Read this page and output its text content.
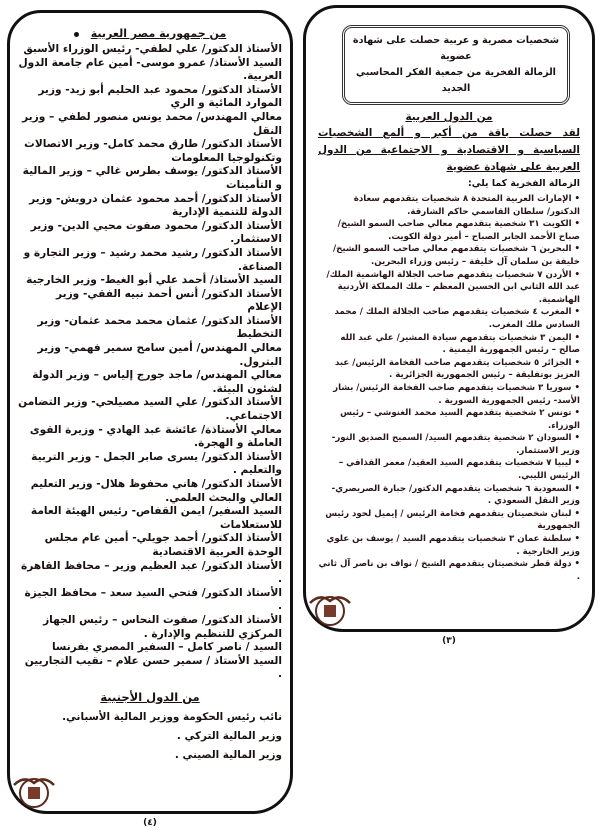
من جمهورية مصر العربية
الأستاذ الدكتور/ علي لطفي- رئيس الوزراء الأسبق
السيد الأستاذ/ عمرو موسى- أمين عام جامعة الدول العربية.
الأستاذ الدكتور/ محمود عبد الحليم أبو زيد- وزير الموارد المائية و الري
معالي المهندس/ محمد يونس منصور لطفي – وزير النقل
الأستاذ الدكتور/ طارق محمد كامل- وزير الاتصالات وتكنولوجيا المعلومات
الأستاذ الدكتور/ يوسف بطرس غالي – وزير المالية و التأمينات
الأستاذ الدكتور/ أحمد محمود عثمان درويش- وزير الدولة للتنمية الإدارية
الأستاذ الدكتور/ محمود صفوت محيي الدين- وزير الاستثمار.
الأستاذ الدكتور/ رشيد محمد رشيد – وزير التجارة و الصناعة.
السيد الأستاذ/ أحمد علي أبو الغيط- وزير الخارجية
الأستاذ الدكتور/ أنس أحمد نبيه الفقي- وزير الإعلام
الأستاذ الدكتور/ عثمان محمد محمد عثمان- وزير التخطيط
معالي المهندس/ أمين سامح سمير فهمي- وزير البترول.
معالي المهندس/ ماجد جورج إلياس – وزير الدولة لشئون البيئة.
الأستاذ الدكتور/ علي السيد مصيلحي- وزير التضامن الاجتماعي.
معالي الأستاذة/ عائشة عبد الهادي - وزيرة القوى العاملة و الهجرة.
الأستاذ الدكتور/ يسرى صابر الجمل - وزير التربية والتعليم .
الأستاذ الدكتور/ هاني محفوظ هلال- وزير التعليم العالي والبحث العلمي.
السيد السفير/ ايمن القفاص- رئيس الهيئة العامة للاستعلامات
الأستاذ الدكتور/ أحمد جويلي- أمين عام مجلس الوحدة العربية الاقتصادية
الأستاذ الدكتور/ عبد العظيم وزير – محافظ القاهرة .
الأستاذ الدكتور/ فتحي السيد سعد – محافظ الجيزة .
الأستاذ الدكتور/ صفوت النحاس – رئيس الجهاز المركزي للتنظيم والإدارة .
السيد / ناصر كامل – السفير المصري بفرنسا
السيد الأستاذ / سمير حسن علام – نقيب التجاريين .
من الدول الأجنبية
نائب رئيس الحكومة ووزير المالية الأسباني.
وزير المالية التركي .
وزير المالية الصيني .
(٤)
شخصيات مصرية و عربية حصلت على شهادة عضوية
الزمالة الفخرية من جمعية الفكر المحاسبي الجديد
من الدول العربية
لقد حصلت باقة من أكبر و ألمع الشخصيات السياسية و الاقتصادية و الاجتماعية من الدول العربية على شهادة عضوية
الزمالة الفخرية كما يلي:
• الإمارات العربية المتحدة ٨ شخصيات يتقدمهم سعادة الدكتور/ سلطان القاسمي حاكم الشارقة.
• الكويت ٣١ شخصية يتقدمهم معالي صاحب السمو الشيخ/ صباح الأحمد الجابر الصباح – أمير دولة الكويت.
• البحرين ٦ شخصيات يتقدمهم معالي صاحب السمو الشيخ/ خليفة بن سلمان آل خليفة – رئيس وزراء البحرين.
• الأردن ٧ شخصيات يتقدمهم صاحب الجلالة الهاشمية الملك/ عبد الله الثاني ابن الحسين المعظم – ملك المملكة الأردنية الهاشمية.
• المغرب ٤ شخصيات يتقدمهم صاحب الجلالة الملك / محمد السادس ملك المغرب.
• اليمن ٣ شخصيات يتقدمهم سيادة المشير/ علي عبد الله صالح – رئيس الجمهورية اليمنية .
• الجزائر ٥ شخصيات يتقدمهم صاحب الفخامة الرئيس/ عبد العزيز بوتفليقة – رئيس الجمهورية الجزائرية .
• سوريا ٣ شخصيات يتقدمهم صاحب الفخامة الرئيس/ بشار الأسد- رئيس الجمهورية السورية .
• تونس ٢ شخصية يتقدمهم السيد محمد الغنوشي – رئيس الوزراء.
• السودان ٢ شخصية يتقدمهم السيد/ السميح الصديق النور- وزير الاستثمار.
• ليبيا ٧ شخصيات يتقدمهم السيد العقيد/ معمر القذافي – الرئيس الليبي.
• السعودية ٦ شخصيات يتقدمهم الدكتور/ جبارة الصريصري- وزير النقل السعودي .
• لبنان شخصيتان يتقدمهم فخامة الرئيس / إيميل لحود رئيس الجمهورية
• سلطنة عمان ٣ شخصيات يتقدمهم السيد / يوسف بن علوي وزير الخارجية .
• دولة قطر شخصيتان يتقدمهم الشيخ / نواف بن ناصر آل ثاني .
(٣)
